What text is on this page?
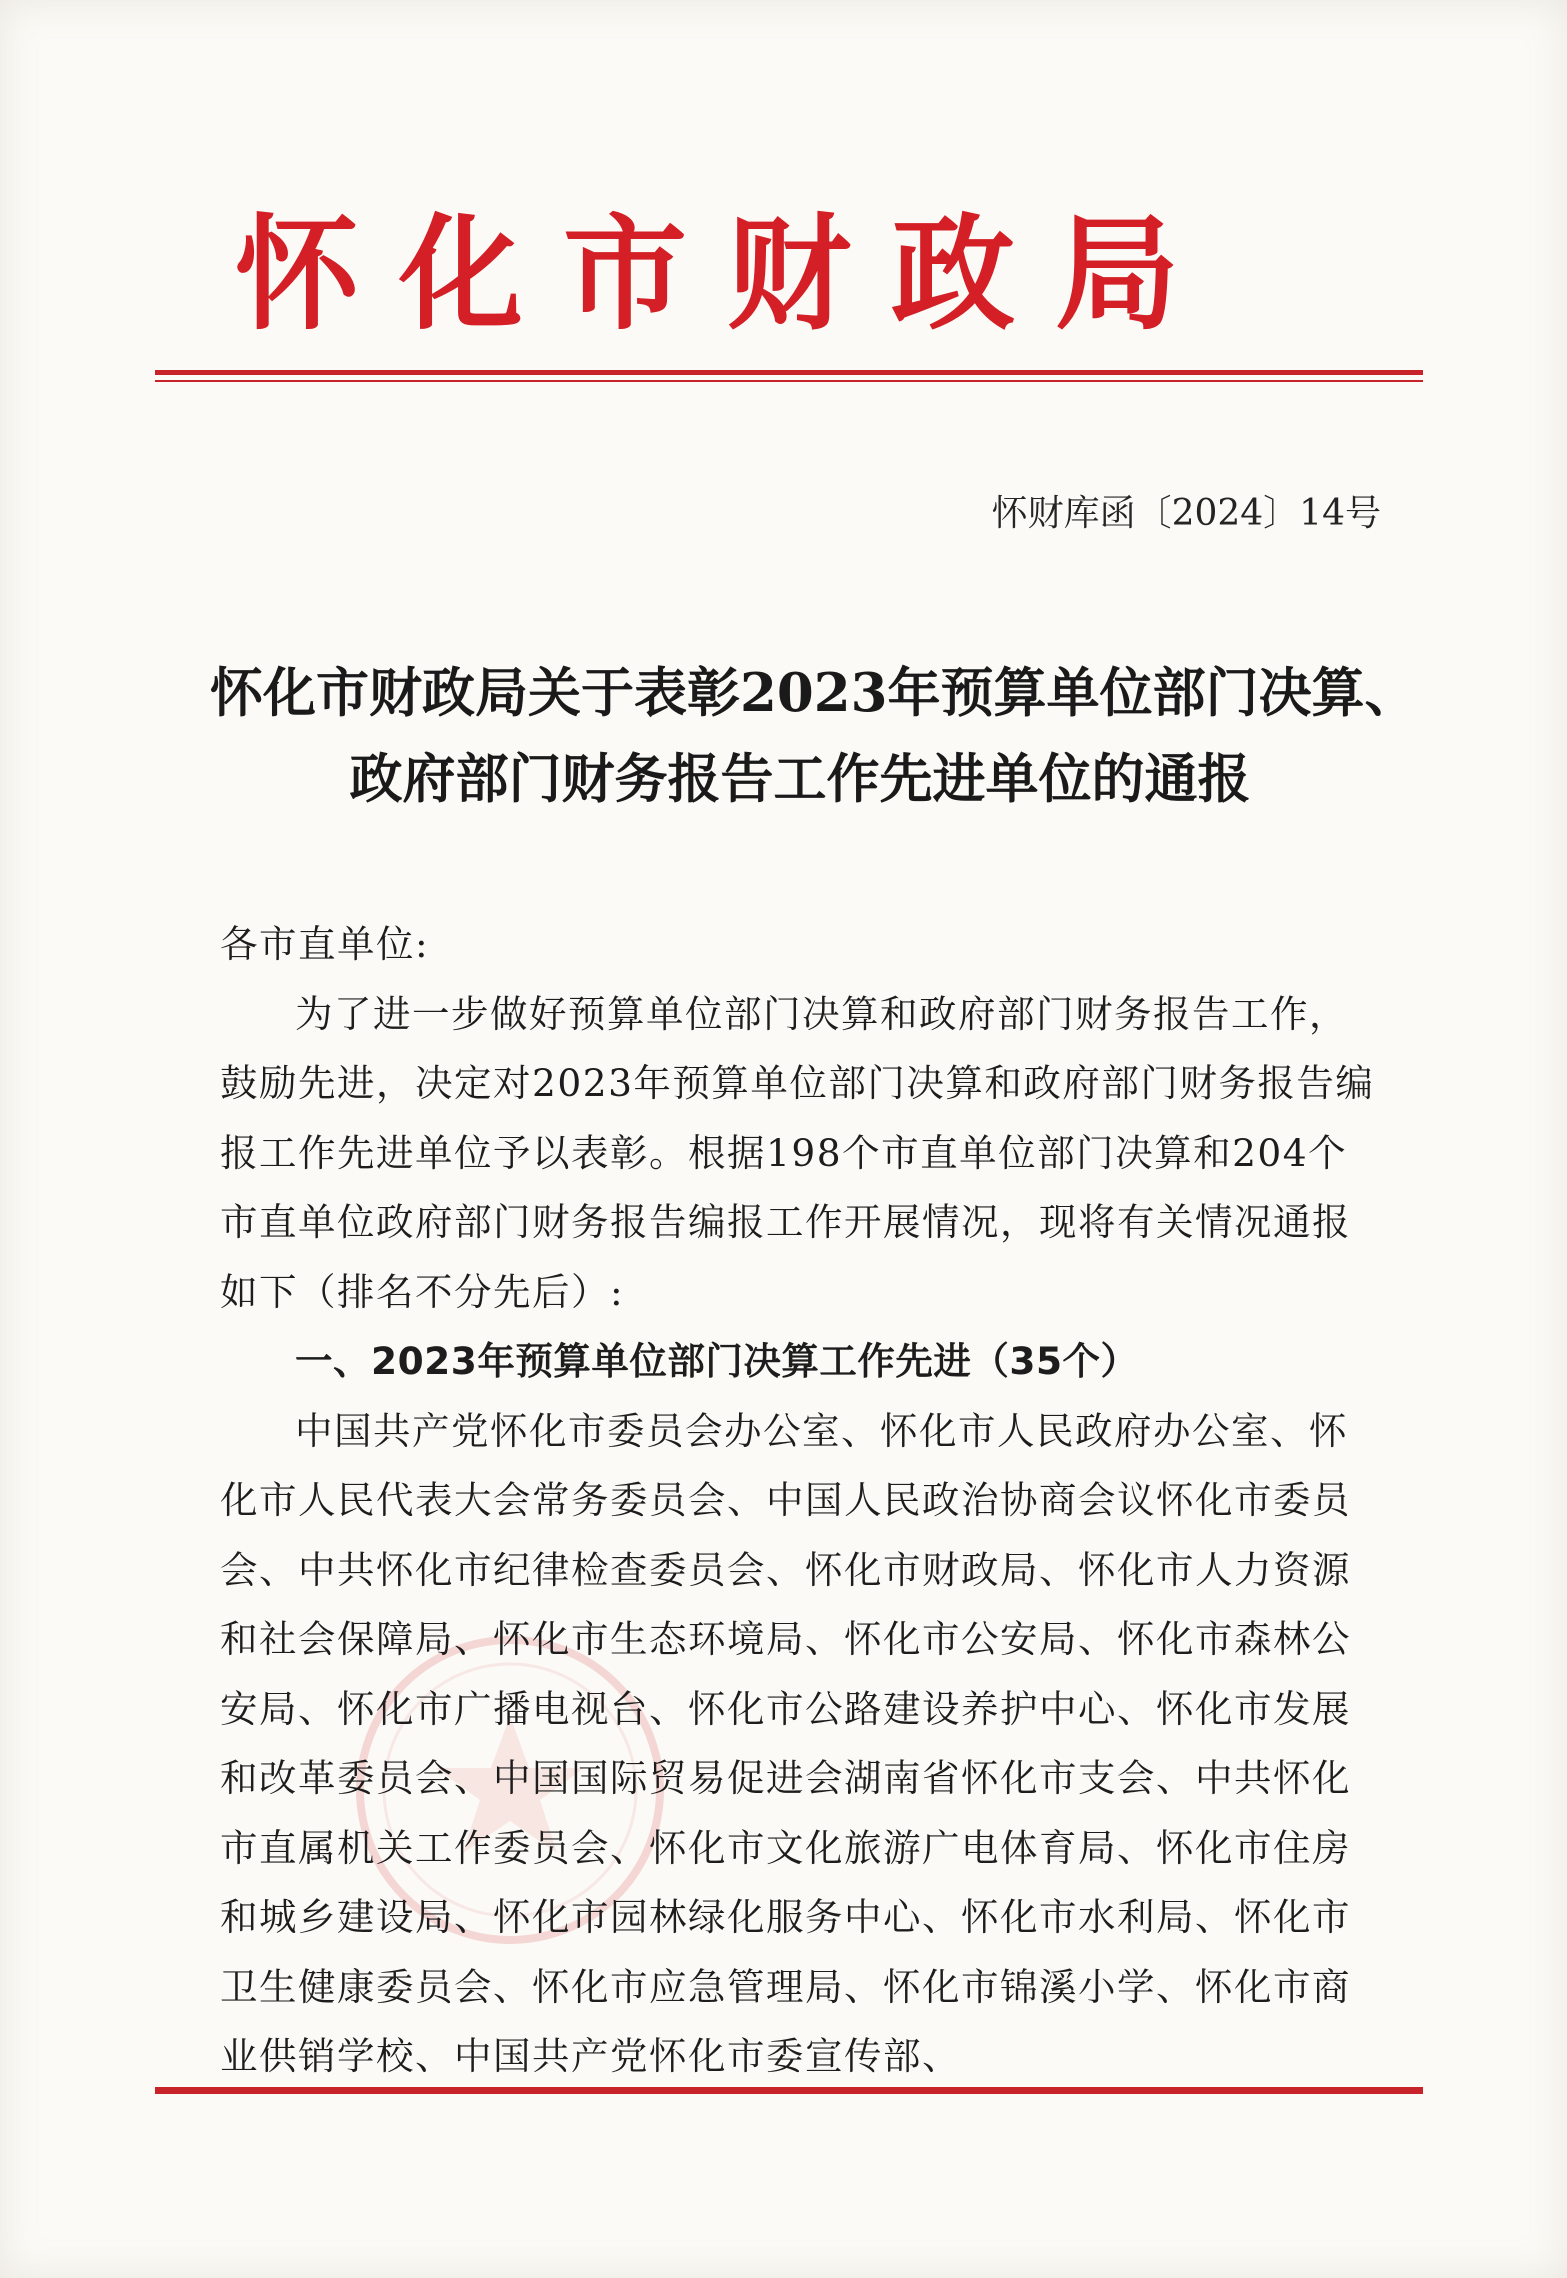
怀化市财政局
怀财库函〔2024〕14号
怀化市财政局关于表彰2023年预算单位部门决算、
政府部门财务报告工作先进单位的通报

各市直单位:

为了进一步做好预算单位部门决算和政府部门财务报告工作，鼓励先进，决定对2023年预算单位部门决算和政府部门财务报告编报工作先进单位予以表彰。根据198个市直单位部门决算和204个市直单位政府部门财务报告编报工作开展情况，现将有关情况通报如下（排名不分先后）:

一、2023年预算单位部门决算工作先进（35个）

中国共产党怀化市委员会办公室、怀化市人民政府办公室、怀化市人民代表大会常务委员会、中国人民政治协商会议怀化市委员会、中共怀化市纪律检查委员会、怀化市财政局、怀化市人力资源和社会保障局、怀化市生态环境局、怀化市公安局、怀化市森林公安局、怀化市广播电视台、怀化市公路建设养护中心、怀化市发展和改革委员会、中国国际贸易促进会湖南省怀化市支会、中共怀化市直属机关工作委员会、怀化市文化旅游广电体育局、怀化市住房和城乡建设局、怀化市园林绿化服务中心、怀化市水利局、怀化市卫生健康委员会、怀化市应急管理局、怀化市锦溪小学、怀化市商业供销学校、中国共产党怀化市委宣传部、
